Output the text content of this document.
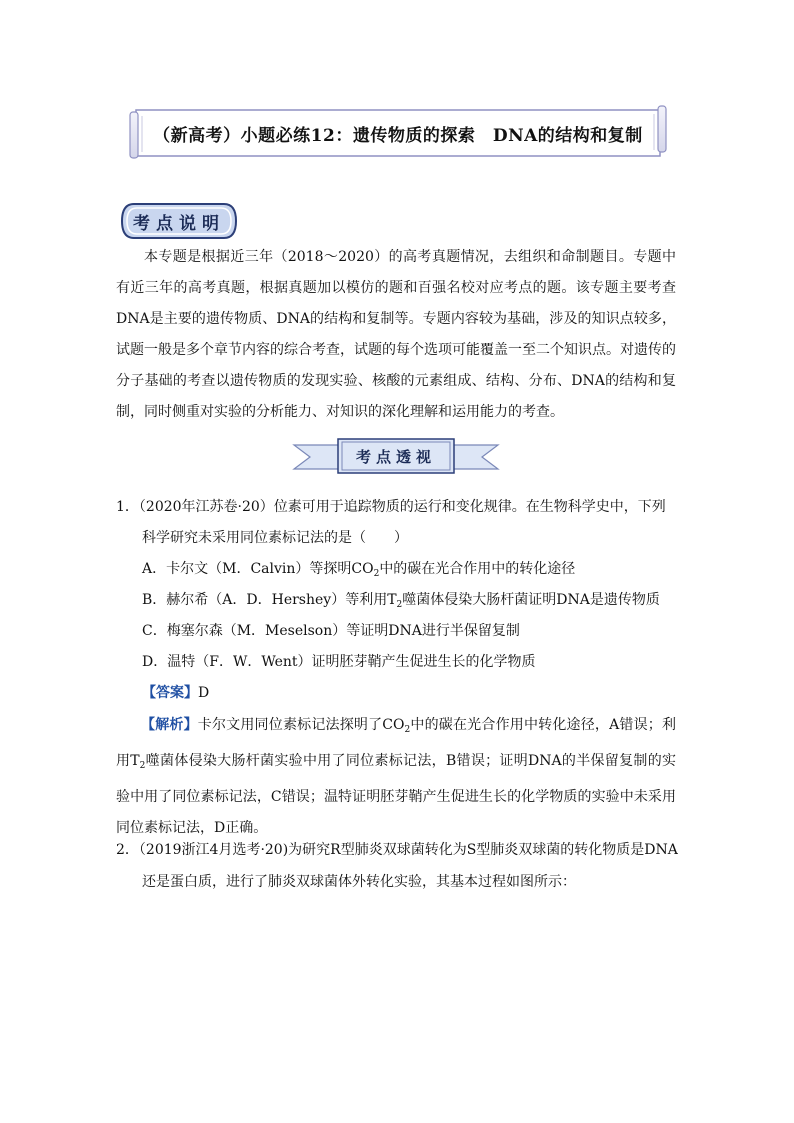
（新高考）小题必练12：遗传物质的探索　DNA的结构和复制
考点说明

本专题是根据近三年（2018～2020）的高考真题情况，去组织和命制题目。专题中有近三年的高考真题，根据真题加以模仿的题和百强名校对应考点的题。该专题主要考查DNA是主要的遗传物质、DNA的结构和复制等。专题内容较为基础，涉及的知识点较多，试题一般是多个章节内容的综合考查，试题的每个选项可能覆盖一至二个知识点。对遗传的分子基础的考查以遗传物质的发现实验、核酸的元素组成、结构、分布、DNA的结构和复制，同时侧重对实验的分析能力、对知识的深化理解和运用能力的考查。

考点透视
1．（2020年江苏卷·20）位素可用于追踪物质的运行和变化规律。在生物科学史中，下列
科学研究未采用同位素标记法的是（　　）
A．卡尔文（M．Calvin）等探明$CO_2$中的碳在光合作用中的转化途径
B．赫尔希（A．D．Hershey）等利用$T_2$噬菌体侵染大肠杆菌证明DNA是遗传物质
C．梅塞尔森（M．Meselson）等证明DNA进行半保留复制
D．温特（F．W．Went）证明胚芽鞘产生促进生长的化学物质
【答案】D

【解析】卡尔文用同位素标记法探明了$CO_2$中的碳在光合作用中转化途径，A错误；利用$T_2$噬菌体侵染大肠杆菌实验中用了同位素标记法，B错误；证明DNA的半保留复制的实验中用了同位素标记法，C错误；温特证明胚芽鞘产生促进生长的化学物质的实验中未采用同位素标记法，D正确。

2．（2019浙江4月选考·20)为研究R型肺炎双球菌转化为S型肺炎双球菌的转化物质是DNA
还是蛋白质，进行了肺炎双球菌体外转化实验，其基本过程如图所示：
